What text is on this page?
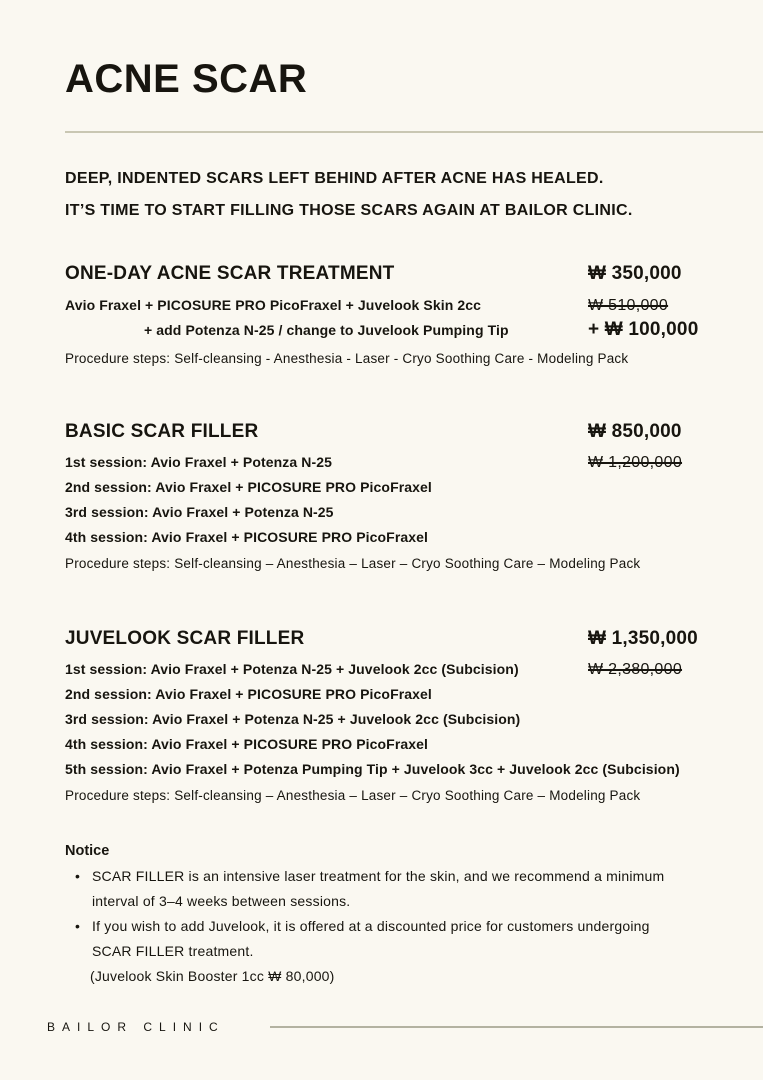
ACNE SCAR

DEEP, INDENTED SCARS LEFT BEHIND AFTER ACNE HAS HEALED.
IT’S TIME TO START FILLING THOSE SCARS AGAIN AT BAILOR CLINIC.

ONE-DAY ACNE SCAR TREATMENT	₩ 350,000
Avio Fraxel + PICOSURE PRO PicoFraxel + Juvelook Skin 2cc	₩ 510,000
+ add Potenza N-25 / change to Juvelook Pumping Tip	+ ₩ 100,000
Procedure steps: Self-cleansing - Anesthesia - Laser - Cryo Soothing Care - Modeling Pack
BASIC SCAR FILLER	₩ 850,000
1st session: Avio Fraxel + Potenza N-25	₩ 1,200,000
2nd session: Avio Fraxel + PICOSURE PRO PicoFraxel
3rd session: Avio Fraxel + Potenza N-25
4th session: Avio Fraxel + PICOSURE PRO PicoFraxel
Procedure steps: Self-cleansing – Anesthesia – Laser – Cryo Soothing Care – Modeling Pack
JUVELOOK SCAR FILLER	₩ 1,350,000
1st session: Avio Fraxel + Potenza N-25 + Juvelook 2cc (Subcision)	₩ 2,380,000
2nd session: Avio Fraxel + PICOSURE PRO PicoFraxel
3rd session: Avio Fraxel + Potenza N-25 + Juvelook 2cc (Subcision)
4th session: Avio Fraxel + PICOSURE PRO PicoFraxel
5th session: Avio Fraxel + Potenza Pumping Tip + Juvelook 3cc + Juvelook 2cc (Subcision)
Procedure steps: Self-cleansing – Anesthesia – Laser – Cryo Soothing Care – Modeling Pack
Notice
• SCAR FILLER is an intensive laser treatment for the skin, and we recommend a minimum interval of 3–4 weeks between sessions.
• If you wish to add Juvelook, it is offered at a discounted price for customers undergoing SCAR FILLER treatment.
(Juvelook Skin Booster 1cc ₩ 80,000)
BAILOR CLINIC
